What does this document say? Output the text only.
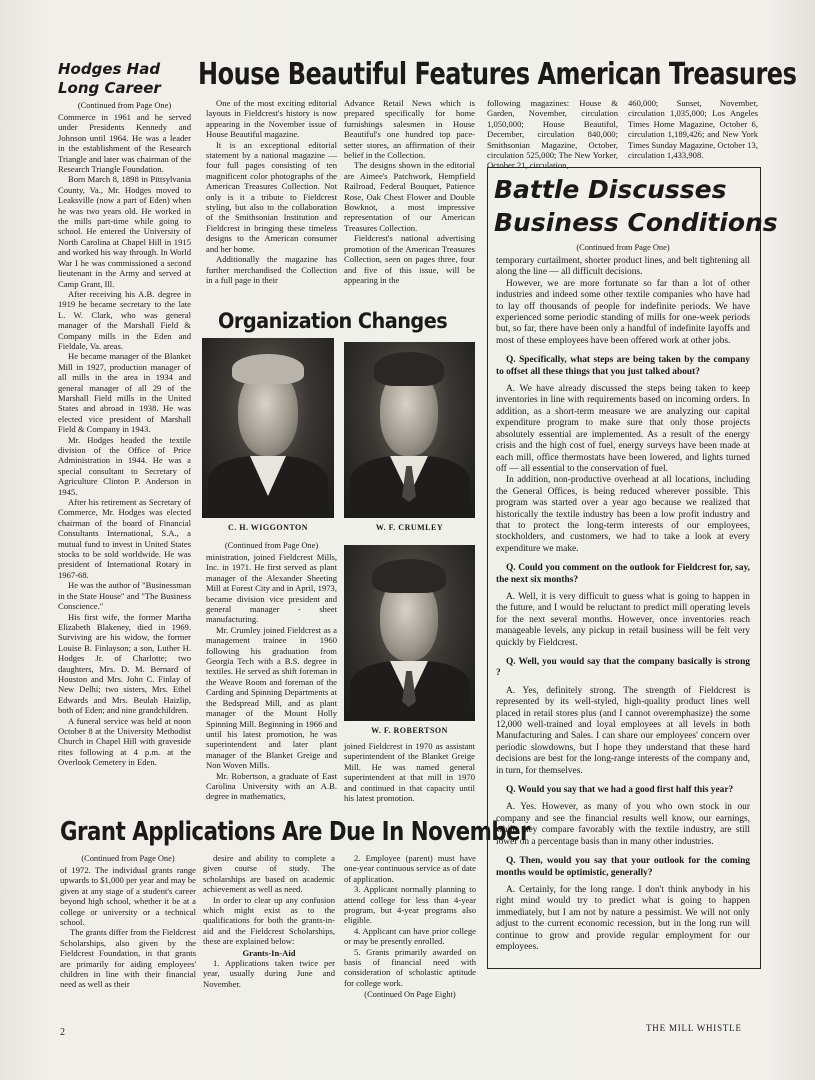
Hodges Had
Long Career
(Continued from Page One)

Commerce in 1961 and he served under Presidents Kennedy and Johnson until 1964. He was a leader in the establishment of the Research Triangle and later was chairman of the Research Triangle Foundation.

Born March 8, 1898 in Pittsylvania County, Va., Mr. Hodges moved to Leaksville (now a part of Eden) when he was two years old. He worked in the mills part-time while going to school. He entered the University of North Carolina at Chapel Hill in 1915 and worked his way through. In World War I he was commissioned a second lieutenant in the Army and served at Camp Grant, Ill.

After receiving his A.B. degree in 1919 he became secretary to the late L. W. Clark, who was general manager of the Marshall Field & Company mills in the Eden and Fieldale, Va. areas.

He became manager of the Blanket Mill in 1927, production manager of all mills in the area in 1934 and general manager of all 29 of the Marshall Field mills in the United States and abroad in 1938. He was elected vice president of Marshall Field & Company in 1943.

Mr. Hodges headed the textile division of the Office of Price Administration in 1944. He was a special consultant to Secretary of Agriculture Clinton P. Anderson in 1945.

After his retirement as Secretary of Commerce, Mr. Hodges was elected chairman of the board of Financial Consultants International, S.A., a mutual fund to invest in United States stocks to be sold worldwide. He was president of International Rotary in 1967-68.

He was the author of "Businessman in the State House" and "The Business Conscience."

His first wife, the former Martha Elizabeth Blakeney, died in 1969. Surviving are his widow, the former Louise B. Finlayson; a son, Luther H. Hodges Jr. of Charlotte; two daughters, Mrs. D. M. Bernard of Houston and Mrs. John C. Finlay of New Delhi; two sisters, Mrs. Ethel Edwards and Mrs. Beulah Haizlip, both of Eden; and nine grandchildren.

A funeral service was held at noon October 8 at the University Methodist Church in Chapel Hill with graveside rites following at 4 p.m. at the Overlook Cemetery in Eden.

House Beautiful Features American Treasures

One of the most exciting editorial layouts in Fieldcrest's history is now appearing in the November issue of House Beautiful magazine.

It is an exceptional editorial statement by a national magazine — four full pages consisting of ten magnificent color photographs of the American Treasures Collection. Not only is it a tribute to Fieldcrest styling, but also to the collaboration of the Smithsonian Institution and Fieldcrest in bringing these timeless designs to the American consumer and her home.

Additionally the magazine has further merchandised the Collection in a full page in their

Advance Retail News which is prepared specifically for home furnishings salesmen in House Beautiful's one hundred top pace-setter stores, an affirmation of their belief in the Collection.

The designs shown in the editorial are Aimee's Patchwork, Hempfield Railroad, Federal Bouquet, Patience Rose, Oak Chest Flower and Double Bowknot, a most impressive representation of our American Treasures Collection.

Fieldcrest's national advertising promotion of the American Treasures Collection, seen on pages three, four and five of this issue, will be appearing in the

following magazines: House & Garden, November, circulation 1,050,000; House Beautiful, December, circulation 840,000; Smithsonian Magazine, October, circulation 525,000; The New Yorker, October 21, circulation,

460,000; Sunset, November, circulation 1,035,000; Los Angeles Times Home Magazine, October 6, circulation 1,189,426; and New York Times Sunday Magazine, October 13, circulation 1,433,908.

Organization Changes
C. H. WIGGONTON	W. F. CRUMLEY
(Continued from Page One)

ministration, joined Fieldcrest Mills, Inc. in 1971. He first served as plant manager of the Alexander Sheeting Mill at Forest City and in April, 1973, became division vice president and general manager - sheet manufacturing.

Mr. Crumley joined Fieldcrest as a management trainee in 1960 following his graduation from Georgia Tech with a B.S. degree in textiles. He served as shift foreman in the Weave Room and foreman of the Carding and Spinning Departments at the Bedspread Mill, and as plant manager of the Mount Holly Spinning Mill. Beginning in 1966 and until his latest promotion, he was superintendent and later plant manager of the Blanket Greige and Non Woven Mills.

Mr. Robertson, a graduate of East Carolina University with an A.B. degree in mathematics,

W. F. ROBERTSON

joined Fieldcrest in 1970 as assistant superintendent of the Blanket Greige Mill. He was named general superintendent at that mill in 1970 and continued in that capacity until his latest promotion.

Grant Applications Are Due In November
(Continued from Page One)

of 1972. The individual grants range upwards to $1,000 per year and may be given at any stage of a student's career beyond high school, whether it be at a college or university or a technical school.

The grants differ from the Fieldcrest Scholarships, also given by the Fieldcrest Foundation, in that grants are primarily for aiding employees' children in line with their financial need as well as their

desire and ability to complete a given course of study. The scholarships are based on academic achievement as well as need.

In order to clear up any confusion which might exist as to the qualifications for both the grants-in-aid and the Fieldcrest Scholarships, these are explained below:

Grants-In-Aid

1. Applications taken twice per year, usually during June and November.

2. Employee (parent) must have one-year continuous service as of date of application.

3. Applicant normally planning to attend college for less than 4-year program, but 4-year programs also eligible.

4. Applicant can have prior college or may be presently enrolled.

5. Grants primarily awarded on basis of financial need with consideration of scholastic aptitude for college work.

(Continued On Page Eight)
Battle Discusses
Business Conditions
(Continued from Page One)

temporary curtailment, shorter product lines, and belt tightening all along the line — all difficult decisions.

However, we are more fortunate so far than a lot of other industries and indeed some other textile companies who have had to lay off thousands of people for indefinite periods. We have experienced some periodic standing of mills for one-week periods but, so far, there have been only a handful of indefinite layoffs and most of these employees have been offered work at other jobs.

Q. Specifically, what steps are being taken by the company to offset all these things that you just talked about?

A. We have already discussed the steps being taken to keep inventories in line with requirements based on incoming orders. In addition, as a short-term measure we are analyzing our capital expenditure program to make sure that only those projects absolutely essential are implemented. As a result of the energy crisis and the high cost of fuel, energy surveys have been made at each mill, office thermostats have been lowered, and lights turned off — all essential to the conservation of fuel.

In addition, non-productive overhead at all locations, including the General Offices, is being reduced wherever possible. This program was started over a year ago because we realized that historically the textile industry has been a low profit industry and that to protect the long-term interests of our employees, stockholders, and customers, we had to take a look at every expenditure we make.

Q. Could you comment on the outlook for Fieldcrest for, say, the next six months?

A. Well, it is very difficult to guess what is going to happen in the future, and I would be reluctant to predict mill operating levels for the next several months. However, once inventories reach manageable levels, any pickup in retail business will be felt very quickly by Fieldcrest.

Q. Well, you would say that the company basically is strong ?

A. Yes, definitely strong. The strength of Fieldcrest is represented by its well-styled, high-quality product lines well placed in retail stores plus (and I cannot overemphasize) the some 12,000 well-trained and loyal employees at all levels in both Manufacturing and Sales. I can share our employees' concern over periodic slowdowns, but I hope they understand that these hard decisions are best for the long-range interests of the company and, in turn, for themselves.

Q. Would you say that we had a good first half this year?

A. Yes. However, as many of you who own stock in our company and see the financial results well know, our earnings, while they compare favorably with the textile industry, are still lower on a percentage basis than in many other industries.

Q. Then, would you say that your outlook for the coming months would be optimistic, generally?

A. Certainly, for the long range. I don't think anybody in his right mind would try to predict what is going to happen immediately, but I am not by nature a pessimist. We will not only adjust to the current economic recession, but in the long run will continue to grow and provide regular employment for our employees.

2	THE MILL WHISTLE
